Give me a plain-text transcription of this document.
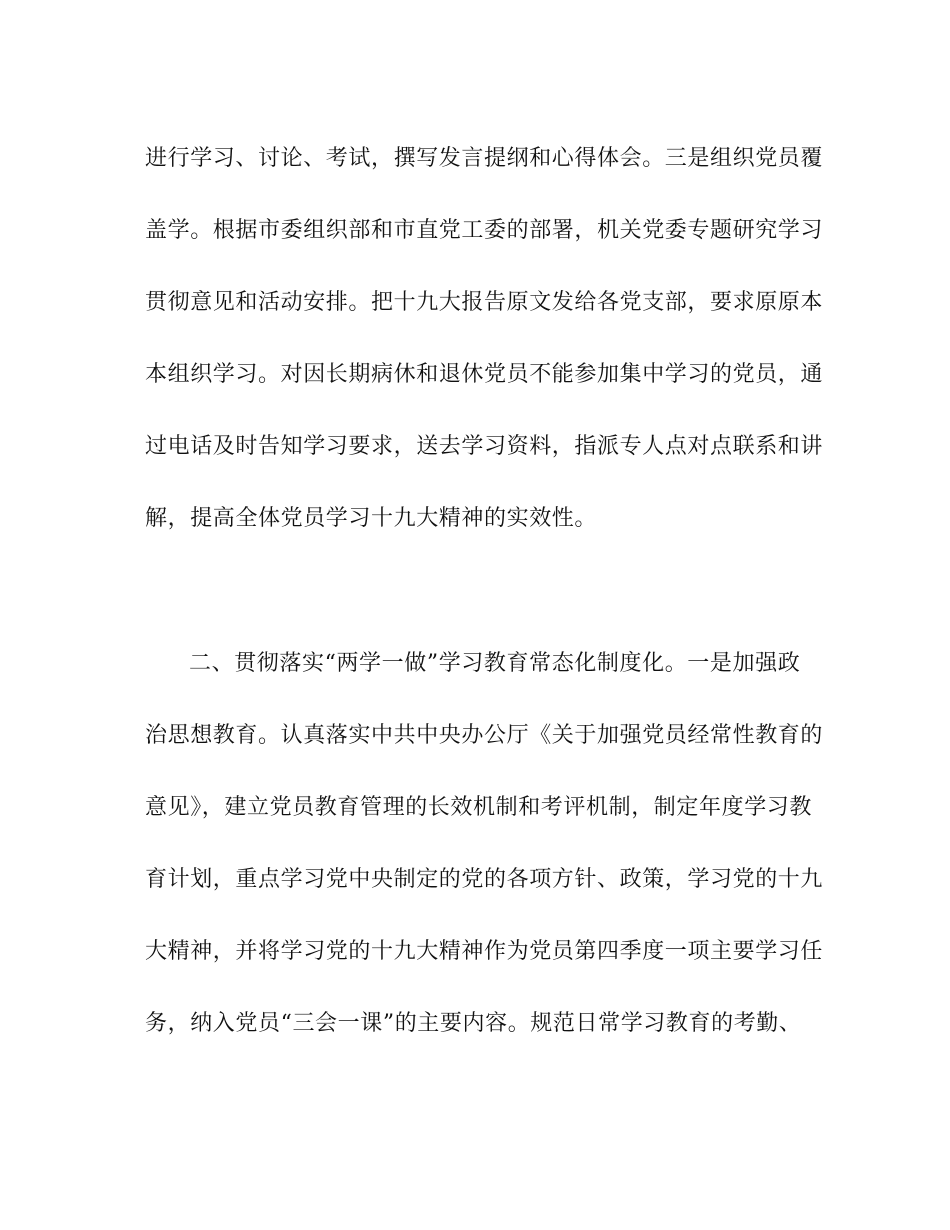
进行学习、讨论、考试，撰写发言提纲和心得体会。三是组织党员覆

盖学。根据市委组织部和市直党工委的部署，机关党委专题研究学习

贯彻意见和活动安排。把十九大报告原文发给各党支部，要求原原本

本组织学习。对因长期病休和退休党员不能参加集中学习的党员，通

过电话及时告知学习要求，送去学习资料，指派专人点对点联系和讲

解，提高全体党员学习十九大精神的实效性。

二、贯彻落实“两学一做”学习教育常态化制度化。一是加强政

治思想教育。认真落实中共中央办公厅《关于加强党员经常性教育的

意见》，建立党员教育管理的长效机制和考评机制，制定年度学习教

育计划，重点学习党中央制定的党的各项方针、政策，学习党的十九

大精神，并将学习党的十九大精神作为党员第四季度一项主要学习任

务，纳入党员“三会一课”的主要内容。规范日常学习教育的考勤、
